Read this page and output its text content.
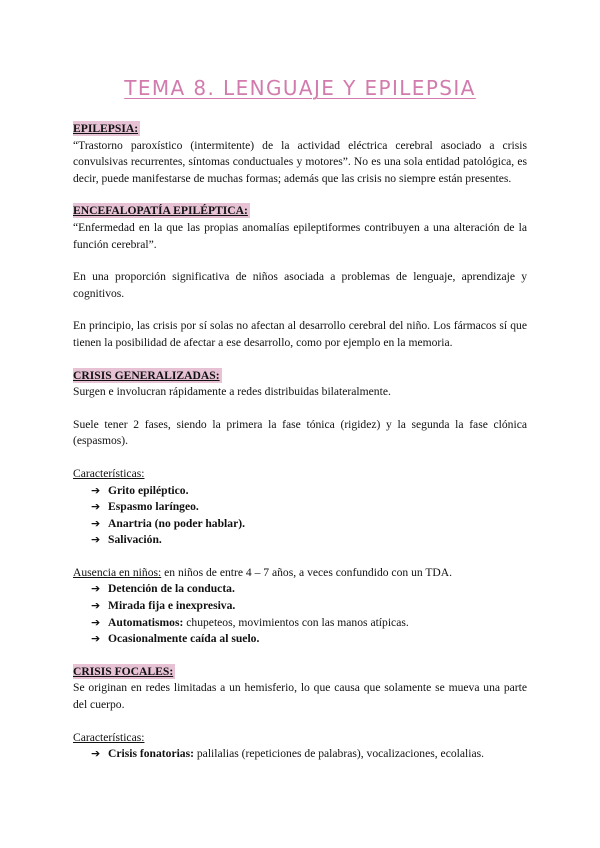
TEMA 8. LENGUAJE Y EPILEPSIA
EPILEPSIA:

“Trastorno paroxístico (intermitente) de la actividad eléctrica cerebral asociado a crisis convulsivas recurrentes, síntomas conductuales y motores”. No es una sola entidad patológica, es decir, puede manifestarse de muchas formas; además que las crisis no siempre están presentes.

ENCEFALOPATÍA EPILÉPTICA:

“Enfermedad en la que las propias anomalías epileptiformes contribuyen a una alteración de la función cerebral”.

En una proporción significativa de niños asociada a problemas de lenguaje, aprendizaje y cognitivos.

En principio, las crisis por sí solas no afectan al desarrollo cerebral del niño. Los fármacos sí que tienen la posibilidad de afectar a ese desarrollo, como por ejemplo en la memoria.

CRISIS GENERALIZADAS:

Surgen e involucran rápidamente a redes distribuidas bilateralmente.

Suele tener 2 fases, siendo la primera la fase tónica (rigidez) y la segunda la fase clónica (espasmos).

Características:

➔ Grito epiléptico.
➔ Espasmo laríngeo.
➔ Anartria (no poder hablar).
➔ Salivación.

Ausencia en niños: en niños de entre 4 – 7 años, a veces confundido con un TDA.

➔ Detención de la conducta.
➔ Mirada fija e inexpresiva.
➔ Automatismos: chupeteos, movimientos con las manos atípicas.
➔ Ocasionalmente caída al suelo.
CRISIS FOCALES:

Se originan en redes limitadas a un hemisferio, lo que causa que solamente se mueva una parte del cuerpo.

Características:

➔ Crisis fonatorias: palilalias (repeticiones de palabras), vocalizaciones, ecolalias.
